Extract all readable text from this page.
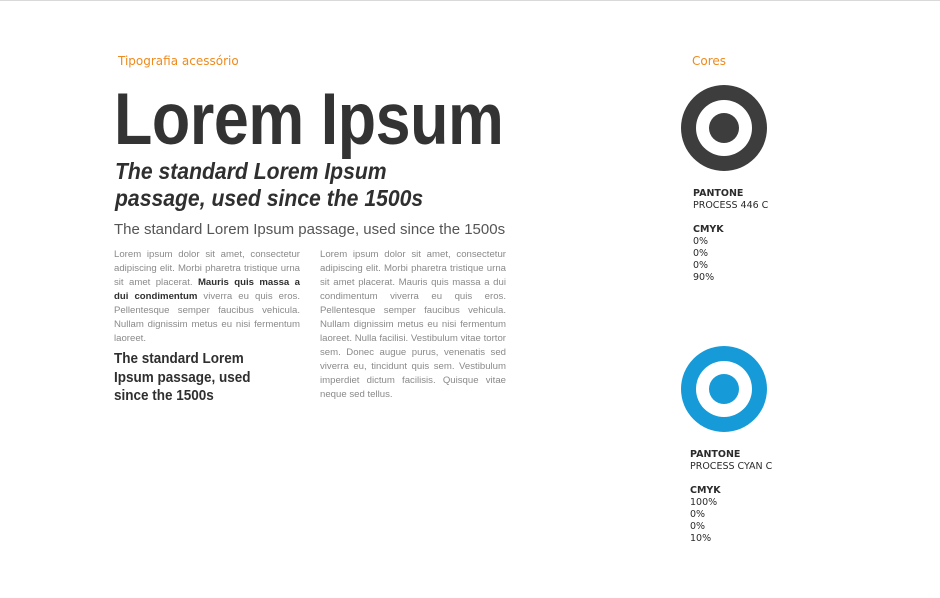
Tipografia acessório
Lorem Ipsum
The standard Lorem Ipsum
passage, used since the 1500s

The standard Lorem Ipsum passage, used since the 1500s

Lorem ipsum dolor sit amet, consectetur adipiscing elit. Morbi pharetra tristique urna sit amet placerat. Mauris quis massa a dui condimentum viverra eu quis eros. Pellentesque semper faucibus vehicula. Nullam dignissim metus eu nisi fermentum laoreet.

The standard Lorem
Ipsum passage, used
since the 1500s

Lorem ipsum dolor sit amet, consectetur adipiscing elit. Morbi pharetra tristique urna sit amet placerat. Mauris quis massa a dui condimentum viverra eu quis eros. Pellentesque semper faucibus vehicula. Nullam dignissim metus eu nisi fermentum laoreet. Nulla facilisi. Vestibulum vitae tortor sem. Donec augue purus, venenatis sed viverra eu, tincidunt quis sem. Vestibulum imperdiet dictum facilisis. Quisque vitae neque sed tellus.

Cores
PANTONE
PROCESS 446 C
CMYK
0%
0%
0%
90%
PANTONE
PROCESS CYAN C
CMYK
100%
0%
0%
10%
